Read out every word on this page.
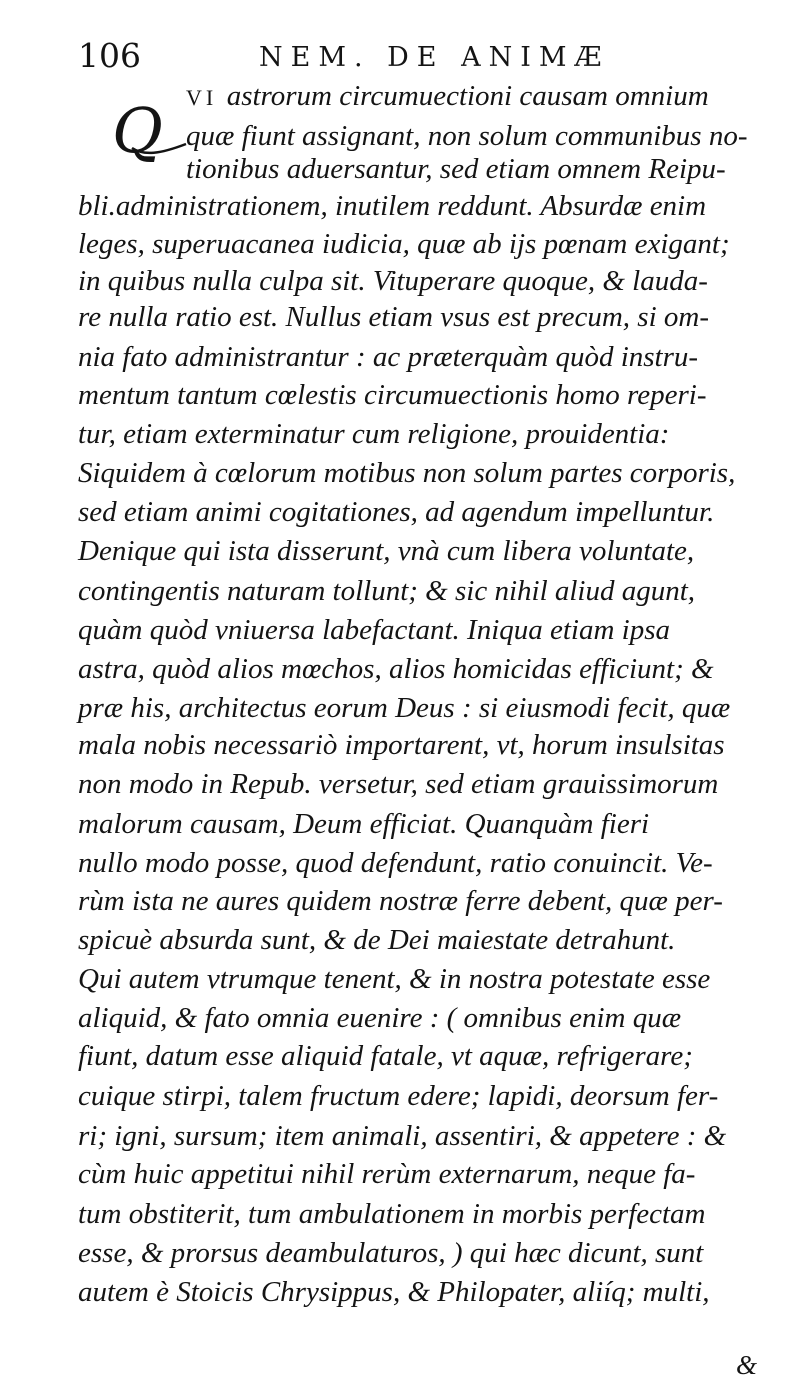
106	NEM. DE ANIMÆ
Q VI astrorum circumuectioni causam omnium
quæ fiunt assignant, non solum communibus no-
tionibus aduersantur, sed etiam omnem Reipu-
bli.administrationem, inutilem reddunt. Absurdæ enim
leges, superuacanea iudicia, quæ ab ijs pœnam exigant;
in quibus nulla culpa sit. Vituperare quoque, & lauda-
re nulla ratio est. Nullus etiam vsus est precum, si om-
nia fato administrantur : ac præterquàm quòd instru-
mentum tantum cœlestis circumuectionis homo reperi-
tur, etiam exterminatur cum religione, prouidentia:
Siquidem à cœlorum motibus non solum partes corporis,
sed etiam animi cogitationes, ad agendum impelluntur.
Denique qui ista disserunt, vnà cum libera voluntate,
contingentis naturam tollunt; & sic nihil aliud agunt,
quàm quòd vniuersa labefactant. Iniqua etiam ipsa
astra, quòd alios mœchos, alios homicidas efficiunt; &
præ his, architectus eorum Deus : si eiusmodi fecit, quæ
mala nobis necessariò importarent, vt, horum insulsitas
non modo in Repub. versetur, sed etiam grauissimorum
malorum causam, Deum efficiat. Quanquàm fieri
nullo modo posse, quod defendunt, ratio conuincit. Ve-
rùm ista ne aures quidem nostræ ferre debent, quæ per-
spicuè absurda sunt, & de Dei maiestate detrahunt.
Qui autem vtrumque tenent, & in nostra potestate esse
aliquid, & fato omnia euenire : ( omnibus enim quæ
fiunt, datum esse aliquid fatale, vt aquæ, refrigerare;
cuique stirpi, talem fructum edere; lapidi, deorsum fer-
ri; igni, sursum; item animali, assentiri, & appetere : &
cùm huic appetitui nihil rerùm externarum, neque fa-
tum obstiterit, tum ambulationem in morbis perfectam
esse, & prorsus deambulaturos, ) qui hæc dicunt, sunt
autem è Stoicis Chrysippus, & Philopater, aliíq; multi,
&
